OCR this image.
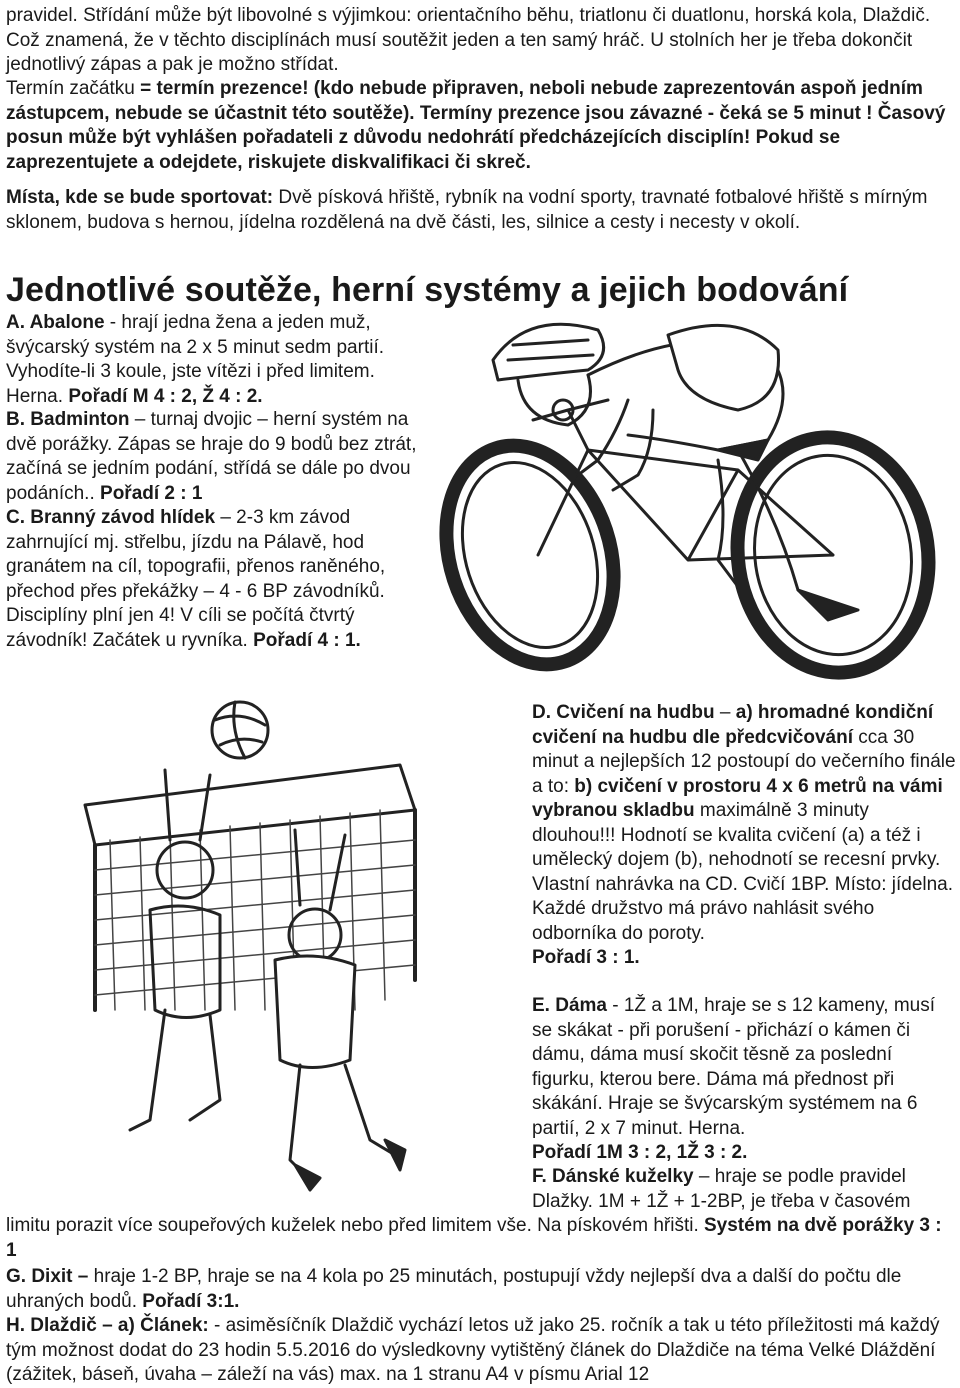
pravidel. Střídání může být libovolné s výjimkou: orientačního běhu, triatlonu či duatlonu, horská kola, Dlaždič. Což znamená, že v těchto disciplínách musí soutěžit jeden a ten samý hráč. U stolních her je třeba dokončit jednotlivý zápas a pak je možno střídat.

Termín začátku = termín prezence! (kdo nebude připraven, neboli nebude zaprezentován aspoň jedním zástupcem, nebude se účastnit této soutěže). Termíny prezence jsou závazné - čeká se 5 minut ! Časový posun může být vyhlášen pořadateli z důvodu nedohrátí předcházejících disciplín! Pokud se zaprezentujete a odejdete, riskujete diskvalifikaci či skreč.

Místa, kde se bude sportovat: Dvě písková hřiště, rybník na vodní sporty, travnaté fotbalové hřiště s mírným sklonem, budova s hernou, jídelna rozdělená na dvě části, les, silnice a cesty i necesty v okolí.

Jednotlivé soutěže, herní systémy a jejich bodování

A. Abalone - hrají jedna žena a jeden muž, švýcarský systém na 2 x 5 minut sedm partií. Vyhodíte-li 3 koule, jste vítězi i před limitem. Herna. Pořadí M 4 : 2, Ž 4 : 2.

B. Badminton – turnaj dvojic – herní systém na dvě porážky. Zápas se hraje do 9 bodů bez ztrát, začíná se jedním podání, střídá se dále po dvou podáních.. Pořadí 2 : 1

C. Branný závod hlídek – 2-3 km závod zahrnující mj. střelbu, jízdu na Pálavě, hod granátem na cíl, topografii, přenos raněného, přechod přes překážky – 4 - 6 BP závodníků. Disciplíny plní jen 4! V cíli se počítá čtvrtý závodník! Začátek u ryvníka. Pořadí 4 : 1.

D. Cvičení na hudbu – a) hromadné kondiční cvičení na hudbu dle předcvičování cca 30 minut a nejlepších 12 postoupí do večerního finále a to: b) cvičení v prostoru 4 x 6 metrů na vámi vybranou skladbu maximálně 3 minuty dlouhou!!! Hodnotí se kvalita cvičení (a) a též i umělecký dojem (b), nehodnotí se recesní prvky. Vlastní nahrávka na CD. Cvičí 1BP. Místo: jídelna. Každé družstvo má právo nahlásit svého odborníka do poroty.
Pořadí 3 : 1.

E. Dáma - 1Ž a 1M, hraje se s 12 kameny, musí se skákat - při porušení - přichází o kámen či dámu, dáma musí skočit těsně za poslední figurku, kterou bere. Dáma má přednost při skákání. Hraje se švýcarským systémem na 6 partií, 2 x 7 minut. Herna.
Pořadí 1M 3 : 2, 1Ž 3 : 2.

F. Dánské kuželky – hraje se podle pravidel Dlažky. 1M + 1Ž + 1-2BP, je třeba v časovém

limitu porazit více soupeřových kuželek nebo před limitem vše. Na pískovém hřišti. Systém na dvě porážky 3 : 1

G. Dixit – hraje 1-2 BP, hraje se na 4 kola po 25 minutách, postupují vždy nejlepší dva a další do počtu dle uhraných bodů. Pořadí 3:1.

H. Dlaždič – a) Článek: - asiměsíčník Dlaždič vychází letos už jako 25. ročník a tak u této příležitosti má každý tým možnost dodat do 23 hodin 5.5.2016 do výsledkovny vytištěný článek do Dlaždiče na téma Velké Dláždění (zážitek, báseň, úvaha – záleží na vás) max. na 1 stranu A4 v písmu Arial 12
